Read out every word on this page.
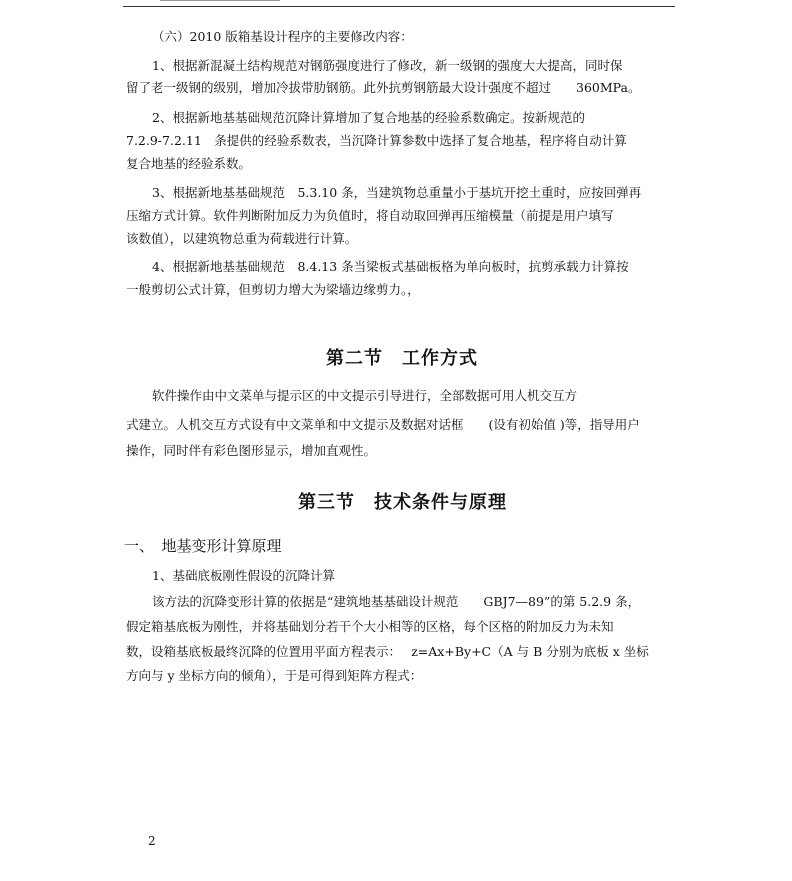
（六）2010 版箱基设计程序的主要修改内容：
1、根据新混凝土结构规范对钢筋强度进行了修改，新一级钢的强度大大提高，同时保
留了老一级钢的级别，增加冷拔带肋钢筋。此外抗剪钢筋最大设计强度不超过　　360MPa。
2、根据新地基基础规范沉降计算增加了复合地基的经验系数确定。按新规范的
7.2.9-7.2.11　条提供的经验系数表，当沉降计算参数中选择了复合地基，程序将自动计算
复合地基的经验系数。
3、根据新地基基础规范　5.3.10 条，当建筑物总重量小于基坑开挖土重时，应按回弹再
压缩方式计算。软件判断附加反力为负值时，将自动取回弹再压缩模量（前提是用户填写
该数值），以建筑物总重为荷载进行计算。
4、根据新地基基础规范　8.4.13 条当梁板式基础板格为单向板时，抗剪承载力计算按
一般剪切公式计算，但剪切力增大为梁墙边缘剪力。，
第二节　工作方式
软件操作由中文菜单与提示区的中文提示引导进行，全部数据可用人机交互方
式建立。人机交互方式设有中文菜单和中文提示及数据对话框　　(设有初始值 )等，指导用户
操作，同时伴有彩色图形显示，增加直观性。
第三节　技术条件与原理
一、　地基变形计算原理
1、基础底板刚性假设的沉降计算
该方法的沉降变形计算的依据是“建筑地基基础设计规范　　GBJ7—89”的第 5.2.9 条，
假定箱基底板为刚性，并将基础划分若干个大小相等的区格，每个区格的附加反力为未知
数，设箱基底板最终沉降的位置用平面方程表示：　 z=Ax+By+C（A 与 B 分别为底板 x 坐标
方向与 y 坐标方向的倾角），于是可得到矩阵方程式：
2
